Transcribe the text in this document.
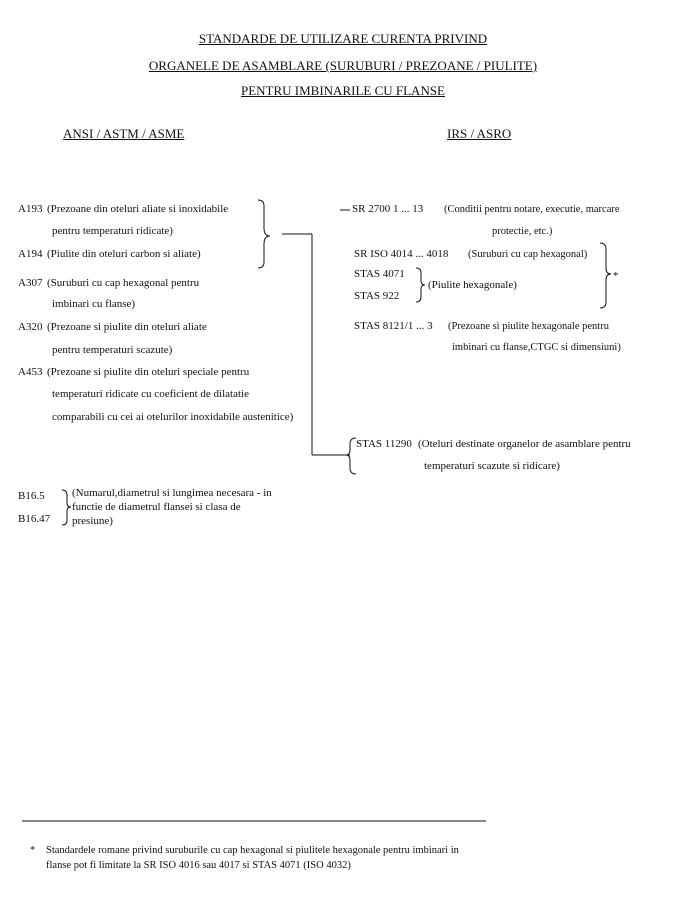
STANDARDE DE UTILIZARE CURENTA PRIVIND
ORGANELE DE ASAMBLARE (SURUBURI / PREZOANE / PIULITE)
PENTRU IMBINARILE CU FLANSE
ANSI / ASTM / ASME	IRS / ASRO
A193 (Prezoane din oteluri aliate si inoxidabile
pentru temperaturi ridicate)
A194 (Piulite din oteluri carbon si aliate)
A307 (Suruburi cu cap hexagonal pentru
imbinari cu flanse)
A320 (Prezoane si piulite din oteluri aliate
pentru temperaturi scazute)
A453 (Prezoane si piulite din oteluri speciale pentru
temperaturi ridicate cu coeficient de dilatatie
comparabili cu cei ai otelurilor inoxidabile austenitice)
B16.5
B16.47
(Numarul,diametrul si lungimea necesara - in
functie de diametrul flansei si clasa de
presiune)
SR 2700 1 ... 13 (Conditii pentru notare, executie, marcare
protectie, etc.)
SR ISO 4014 ... 4018 (Suruburi cu cap hexagonal)
STAS 4071
STAS 922
(Piulite hexagonale)
*
STAS 8121/1 ... 3 (Prezoane si piulite hexagonale pentru
imbinari cu flanse,CTGC si dimensiuni)
STAS 11290 (Oteluri destinate organelor de asamblare pentru
temperaturi scazute si ridicare)
* Standardele romane privind suruburile cu cap hexagonal si piulitele hexagonale pentru imbinari in
flanse pot fi limitate la SR ISO 4016 sau 4017 si STAS 4071 (ISO 4032)
